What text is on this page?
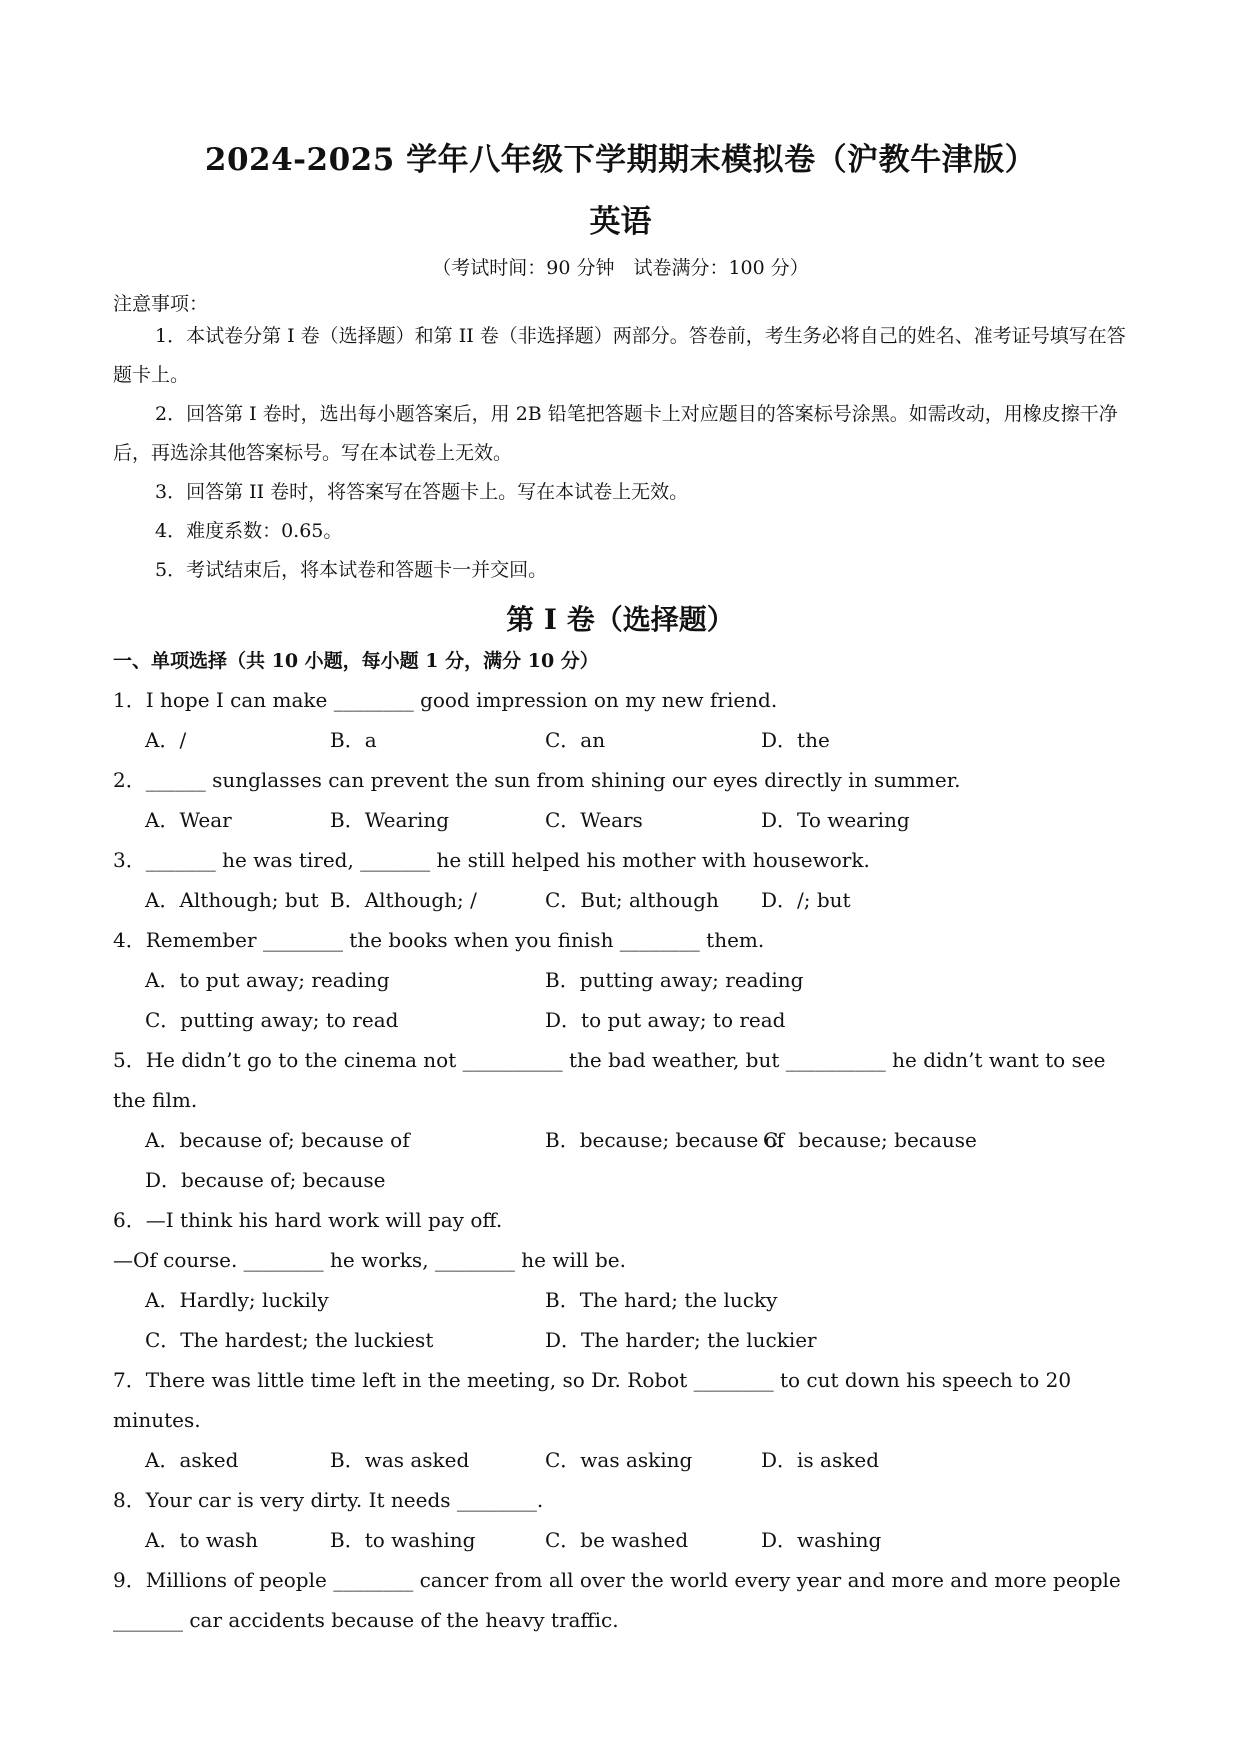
2024-2025 学年八年级下学期期末模拟卷（沪教牛津版）
英语
（考试时间：90 分钟　试卷满分：100 分）
注意事项：

1．本试卷分第 I 卷（选择题）和第 II 卷（非选择题）两部分。答卷前，考生务必将自己的姓名、准考证号填写在答题卡上。

2．回答第 I 卷时，选出每小题答案后，用 2B 铅笔把答题卡上对应题目的答案标号涂黑。如需改动，用橡皮擦干净后，再选涂其他答案标号。写在本试卷上无效。

3．回答第 II 卷时，将答案写在答题卡上。写在本试卷上无效。

4．难度系数：0.65。

5．考试结束后，将本试卷和答题卡一并交回。

第 I 卷（选择题）
一、单项选择（共 10 小题，每小题 1 分，满分 10 分）

1．I hope I can make ________ good impression on my new friend.

A．/	B．a	C．an	D．the

2．______ sunglasses can prevent the sun from shining our eyes directly in summer.

A．Wear	B．Wearing	C．Wears	D．To wearing

3．_______ he was tired, _______ he still helped his mother with housework.

A．Although; but B．Although; /	C．But; although D．/; but

4．Remember ________ the books when you finish ________ them.

A．to put away; reading	B．putting away; reading
C．putting away; to read	D．to put away; to read

5．He didn’t go to the cinema not __________ the bad weather, but __________ he didn’t want to see the film.

A．because of; because of	B．because; because of
C．because; because
D．because of; because

6．—I think his hard work will pay off.

—Of course. ________ he works, ________ he will be.

A．Hardly; luckily	B．The hard; the lucky
C．The hardest; the luckiest	D．The harder; the luckier

7．There was little time left in the meeting, so Dr. Robot ________ to cut down his speech to 20 minutes.

A．asked	B．was asked	C．was asking	D．is asked

8．Your car is very dirty. It needs ________.

A．to wash	B．to washing	C．be washed	D．washing

9．Millions of people ________ cancer from all over the world every year and more and more people _______ car accidents because of the heavy traffic.
